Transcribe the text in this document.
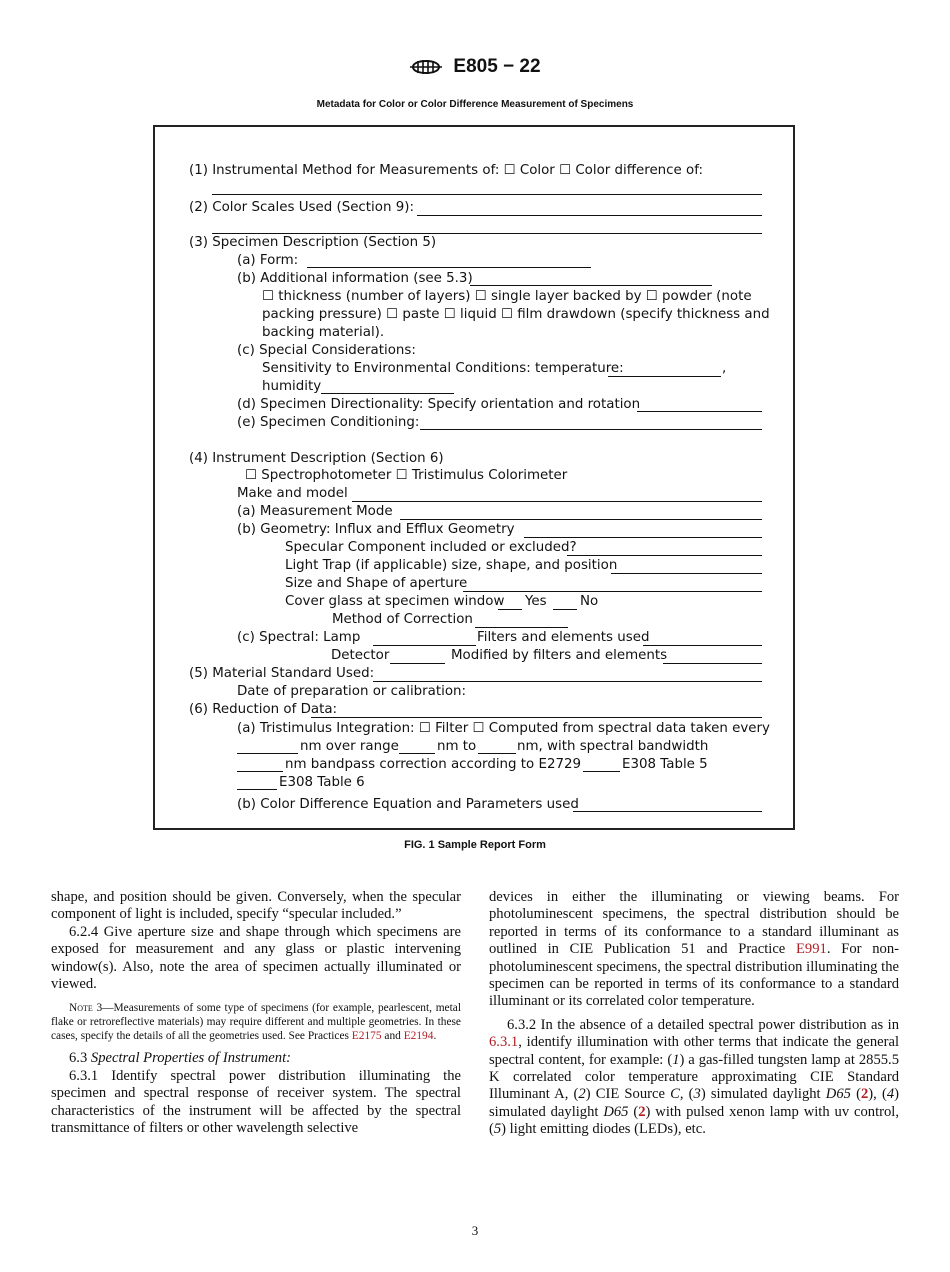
E805 − 22
Metadata for Color or Color Difference Measurement of Specimens
(1) Instrumental Method for Measurements of: ☐ Color ☐ Color difference of:
(2) Color Scales Used (Section 9):
(3) Specimen Description (Section 5)
(a) Form:
(b) Additional information (see 5.3)
☐ thickness (number of layers) ☐ single layer backed by ☐ powder (note
packing pressure) ☐ paste ☐ liquid ☐ film drawdown (specify thickness and
backing material).
(c) Special Considerations:
Sensitivity to Environmental Conditions: temperature:	,
humidity
(d) Specimen Directionality: Specify orientation and rotation
(e) Specimen Conditioning:
(4) Instrument Description (Section 6)
☐ Spectrophotometer ☐ Tristimulus Colorimeter
Make and model
(a) Measurement Mode
(b) Geometry: Influx and Efflux Geometry
Specular Component included or excluded?
Light Trap (if applicable) size, shape, and position
Size and Shape of aperture
Cover glass at specimen window Yes No
Method of Correction
(c) Spectral: Lamp	Filters and elements used
Detector	Modified by filters and elements
(5) Material Standard Used:
Date of preparation or calibration:
(6) Reduction of Data:
(a) Tristimulus Integration: ☐ Filter ☐ Computed from spectral data taken every
nm over range	nm to	nm, with spectral bandwidth
nm bandpass correction according to E2729	E308 Table 5
E308 Table 6
(b) Color Difference Equation and Parameters used
FIG. 1 Sample Report Form

shape, and position should be given. Conversely, when the specular component of light is included, specify “specular included.”

6.2.4 Give aperture size and shape through which specimens are exposed for measurement and any glass or plastic intervening window(s). Also, note the area of specimen actually illuminated or viewed.

Note 3—Measurements of some type of specimens (for example, pearlescent, metal flake or retroreflective materials) may require different and multiple geometries. In these cases, specify the details of all the geometries used. See Practices E2175 and E2194.

6.3 Spectral Properties of Instrument:

6.3.1 Identify spectral power distribution illuminating the specimen and spectral response of receiver system. The spectral characteristics of the instrument will be affected by the spectral transmittance of filters or other wavelength selective

devices in either the illuminating or viewing beams. For photoluminescent specimens, the spectral distribution should be reported in terms of its conformance to a standard illuminant as outlined in CIE Publication 51 and Practice E991. For non-photoluminescent specimens, the spectral distribution illuminating the specimen can be reported in terms of its conformance to a standard illuminant or its correlated color temperature.

6.3.2 In the absence of a detailed spectral power distribution as in 6.3.1, identify illumination with other terms that indicate the general spectral content, for example: (1) a gas-filled tungsten lamp at 2855.5 K correlated color temperature approximating CIE Standard Illuminant A, (2) CIE Source C, (3) simulated daylight D65 (2), (4) simulated daylight D65 (2) with pulsed xenon lamp with uv control, (5) light emitting diodes (LEDs), etc.

3
